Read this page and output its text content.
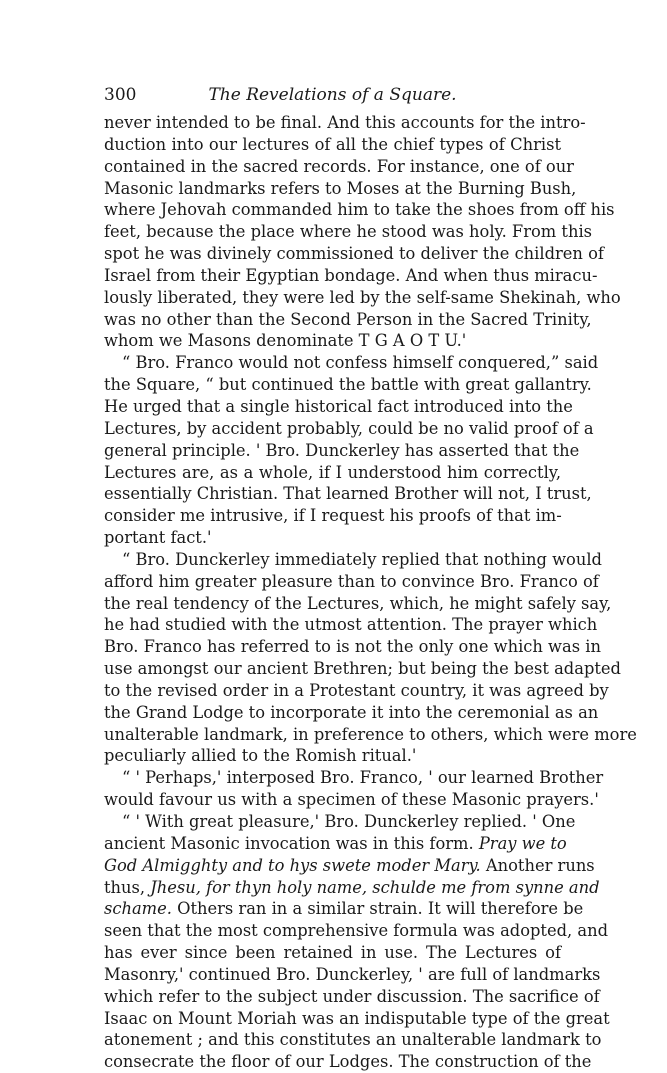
300	The Revelations of a Square.
never intended to be final. And this accounts for the intro-
duction into our lectures of all the chief types of Christ
contained in the sacred records. For instance, one of our
Masonic landmarks refers to Moses at the Burning Bush,
where Jehovah commanded him to take the shoes from off his
feet, because the place where he stood was holy. From this
spot he was divinely commissioned to deliver the children of
Israel from their Egyptian bondage. And when thus miracu-
lously liberated, they were led by the self-same Shekinah, who
was no other than the Second Person in the Sacred Trinity,
whom we Masons denominate T G A O T U.'
“ Bro. Franco would not confess himself conquered,” said
the Square, “ but continued the battle with great gallantry.
He urged that a single historical fact introduced into the
Lectures, by accident probably, could be no valid proof of a
general principle. ' Bro. Dunckerley has asserted that the
Lectures are, as a whole, if I understood him correctly,
essentially Christian. That learned Brother will not, I trust,
consider me intrusive, if I request his proofs of that im-
portant fact.'
“ Bro. Dunckerley immediately replied that nothing would
afford him greater pleasure than to convince Bro. Franco of
the real tendency of the Lectures, which, he might safely say,
he had studied with the utmost attention. The prayer which
Bro. Franco has referred to is not the only one which was in
use amongst our ancient Brethren; but being the best adapted
to the revised order in a Protestant country, it was agreed by
the Grand Lodge to incorporate it into the ceremonial as an
unalterable landmark, in preference to others, which were more
peculiarly allied to the Romish ritual.'
“ ' Perhaps,' interposed Bro. Franco, ' our learned Brother
would favour us with a specimen of these Masonic prayers.'
“ ' With great pleasure,' Bro. Dunckerley replied. ' One
ancient Masonic invocation was in this form. Pray we to
God Almigghty and to hys swete moder Mary. Another runs
thus, Jhesu, for thyn holy name, schulde me from synne and
schame. Others ran in a similar strain. It will therefore be
seen that the most comprehensive formula was adopted, and
has ever since been retained in use. The Lectures of
Masonry,' continued Bro. Dunckerley, ' are full of landmarks
which refer to the subject under discussion. The sacrifice of
Isaac on Mount Moriah was an indisputable type of the great
atonement ; and this constitutes an unalterable landmark to
consecrate the floor of our Lodges. The construction of the
